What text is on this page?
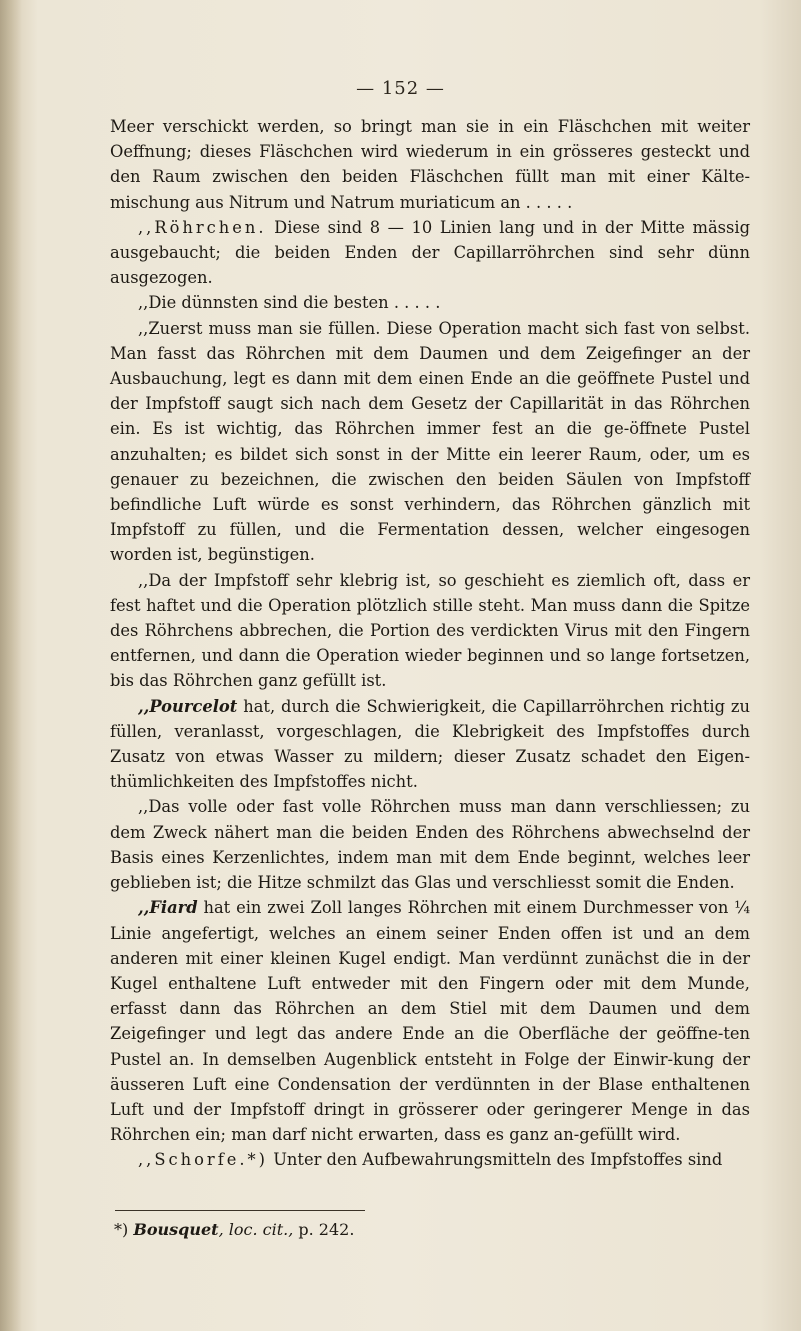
— 152 —

Meer verschickt werden, so bringt man sie in ein Fläschchen mit weiter Oeffnung; dieses Fläschchen wird wiederum in ein grösseres gesteckt und den Raum zwischen den beiden Fläschchen füllt man mit einer Kälte-mischung aus Nitrum und Natrum muriaticum an . . . . .

,,Röhrchen. Diese sind 8 — 10 Linien lang und in der Mitte mässig ausgebaucht; die beiden Enden der Capillarröhrchen sind sehr dünn ausgezogen.

,,Die dünnsten sind die besten . . . . .

,,Zuerst muss man sie füllen. Diese Operation macht sich fast von selbst. Man fasst das Röhrchen mit dem Daumen und dem Zeigefinger an der Ausbauchung, legt es dann mit dem einen Ende an die geöffnete Pustel und der Impfstoff saugt sich nach dem Gesetz der Capillarität in das Röhrchen ein. Es ist wichtig, das Röhrchen immer fest an die ge-öffnete Pustel anzuhalten; es bildet sich sonst in der Mitte ein leerer Raum, oder, um es genauer zu bezeichnen, die zwischen den beiden Säulen von Impfstoff befindliche Luft würde es sonst verhindern, das Röhrchen gänzlich mit Impfstoff zu füllen, und die Fermentation dessen, welcher eingesogen worden ist, begünstigen.

,,Da der Impfstoff sehr klebrig ist, so geschieht es ziemlich oft, dass er fest haftet und die Operation plötzlich stille steht. Man muss dann die Spitze des Röhrchens abbrechen, die Portion des verdickten Virus mit den Fingern entfernen, und dann die Operation wieder beginnen und so lange fortsetzen, bis das Röhrchen ganz gefüllt ist.

,,Pourcelot hat, durch die Schwierigkeit, die Capillarröhrchen richtig zu füllen, veranlasst, vorgeschlagen, die Klebrigkeit des Impfstoffes durch Zusatz von etwas Wasser zu mildern; dieser Zusatz schadet den Eigen-thümlichkeiten des Impfstoffes nicht.

,,Das volle oder fast volle Röhrchen muss man dann verschliessen; zu dem Zweck nähert man die beiden Enden des Röhrchens abwechselnd der Basis eines Kerzenlichtes, indem man mit dem Ende beginnt, welches leer geblieben ist; die Hitze schmilzt das Glas und verschliesst somit die Enden.

,,Fiard hat ein zwei Zoll langes Röhrchen mit einem Durchmesser von ¼ Linie angefertigt, welches an einem seiner Enden offen ist und an dem anderen mit einer kleinen Kugel endigt. Man verdünnt zunächst die in der Kugel enthaltene Luft entweder mit den Fingern oder mit dem Munde, erfasst dann das Röhrchen an dem Stiel mit dem Daumen und dem Zeigefinger und legt das andere Ende an die Oberfläche der geöffne-ten Pustel an. In demselben Augenblick entsteht in Folge der Einwir-kung der äusseren Luft eine Condensation der verdünnten in der Blase enthaltenen Luft und der Impfstoff dringt in grösserer oder geringerer Menge in das Röhrchen ein; man darf nicht erwarten, dass es ganz an-gefüllt wird.

,,Schorfe.*) Unter den Aufbewahrungsmitteln des Impfstoffes sind

*) Bousquet, loc. cit., p. 242.
